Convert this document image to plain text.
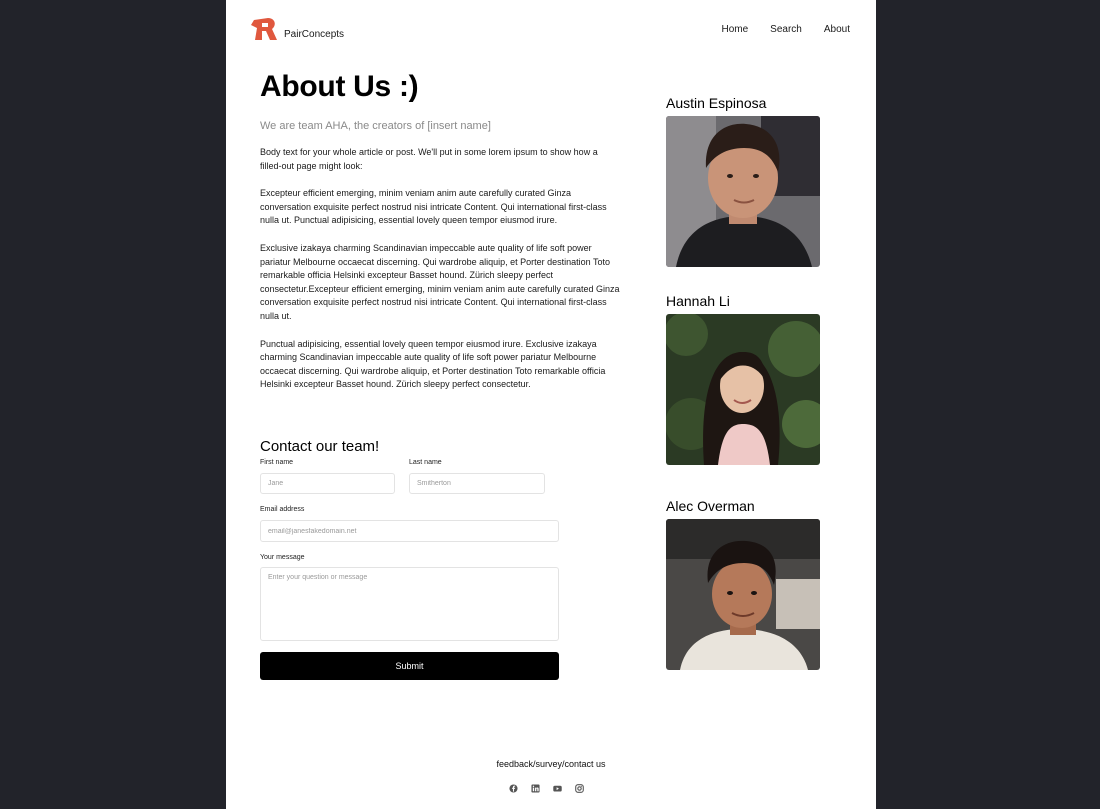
PairConcepts	Home Search About
About Us :)

We are team AHA, the creators of [insert name]

Body text for your whole article or post. We'll put in some lorem ipsum to show how a filled-out page might look:

Excepteur efficient emerging, minim veniam anim aute carefully curated Ginza conversation exquisite perfect nostrud nisi intricate Content. Qui international first-class nulla ut. Punctual adipisicing, essential lovely queen tempor eiusmod irure.

Exclusive izakaya charming Scandinavian impeccable aute quality of life soft power pariatur Melbourne occaecat discerning. Qui wardrobe aliquip, et Porter destination Toto remarkable officia Helsinki excepteur Basset hound. Zürich sleepy perfect consectetur.Excepteur efficient emerging, minim veniam anim aute carefully curated Ginza conversation exquisite perfect nostrud nisi intricate Content. Qui international first-class nulla ut.

Punctual adipisicing, essential lovely queen tempor eiusmod irure. Exclusive izakaya charming Scandinavian impeccable aute quality of life soft power pariatur Melbourne occaecat discerning. Qui wardrobe aliquip, et Porter destination Toto remarkable officia Helsinki excepteur Basset hound. Zürich sleepy perfect consectetur.

Contact our team!
First name
Jane	Last name
Smitherton
Email address
email@janesfakedomain.net
Your message
Enter your question or message
Submit
Austin Espinosa
Hannah Li
Alec Overman
feedback/survey/contact us
